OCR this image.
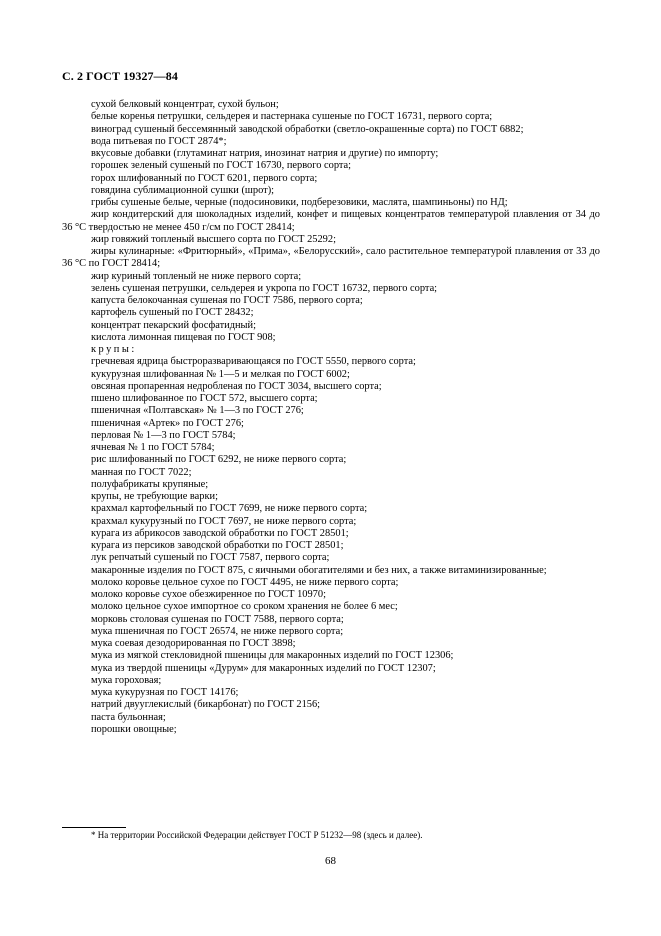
С. 2 ГОСТ 19327—84

сухой белковый концентрат, сухой бульон;

белые коренья петрушки, сельдерея и пастернака сушеные по ГОСТ 16731, первого сорта;

виноград сушеный бессемянный заводской обработки (светло-окрашенные сорта) по ГОСТ 6882;

вода питьевая по ГОСТ 2874*;

вкусовые добавки (глутаминат натрия, инозинат натрия и другие) по импорту;

горошек зеленый сушеный по ГОСТ 16730, первого сорта;

горох шлифованный по ГОСТ 6201, первого сорта;

говядина сублимационной сушки (шрот);

грибы сушеные белые, черные (подосиновики, подберезовики, маслята, шампиньоны) по НД;

жир кондитерский для шоколадных изделий, конфет и пищевых концентратов температурой плавления от 34 до 36 °С твердостью не менее 450 г/см по ГОСТ 28414;

жир говяжий топленый высшего сорта по ГОСТ 25292;

жиры кулинарные: «Фритюрный», «Прима», «Белорусский», сало растительное температурой плавления от 33 до 36 °С по ГОСТ 28414;

жир куриный топленый не ниже первого сорта;

зелень сушеная петрушки, сельдерея и укропа по ГОСТ 16732, первого сорта;

капуста белокочанная сушеная по ГОСТ 7586, первого сорта;

картофель сушеный по ГОСТ 28432;

концентрат пекарский фосфатидный;

кислота лимонная пищевая по ГОСТ 908;

крупы:

гречневая ядрица быстроразваривающаяся по ГОСТ 5550, первого сорта;

кукурузная шлифованная № 1—5 и мелкая по ГОСТ 6002;

овсяная пропаренная недробленая по ГОСТ 3034, высшего сорта;

пшено шлифованное по ГОСТ 572, высшего сорта;

пшеничная «Полтавская» № 1—3 по ГОСТ 276;

пшеничная «Артек» по ГОСТ 276;

перловая № 1—3 по ГОСТ 5784;

ячневая № 1 по ГОСТ 5784;

рис шлифованный по ГОСТ 6292, не ниже первого сорта;

манная по ГОСТ 7022;

полуфабрикаты крупяные;

крупы, не требующие варки;

крахмал картофельный по ГОСТ 7699, не ниже первого сорта;

крахмал кукурузный по ГОСТ 7697, не ниже первого сорта;

курага из абрикосов заводской обработки по ГОСТ 28501;

курага из персиков заводской обработки по ГОСТ 28501;

лук репчатый сушеный по ГОСТ 7587, первого сорта;

макаронные изделия по ГОСТ 875, с яичными обогатителями и без них, а также витаминизированные;

молоко коровье цельное сухое по ГОСТ 4495, не ниже первого сорта;

молоко коровье сухое обезжиренное по ГОСТ 10970;

молоко цельное сухое импортное со сроком хранения не более 6 мес;

морковь столовая сушеная по ГОСТ 7588, первого сорта;

мука пшеничная по ГОСТ 26574, не ниже первого сорта;

мука соевая дезодорированная по ГОСТ 3898;

мука из мягкой стекловидной пшеницы для макаронных изделий по ГОСТ 12306;

мука из твердой пшеницы «Дурум» для макаронных изделий по ГОСТ 12307;

мука гороховая;

мука кукурузная по ГОСТ 14176;

натрий двууглекислый (бикарбонат) по ГОСТ 2156;

паста бульонная;

порошки овощные;

* На территории Российской Федерации действует ГОСТ Р 51232—98 (здесь и далее).
68
